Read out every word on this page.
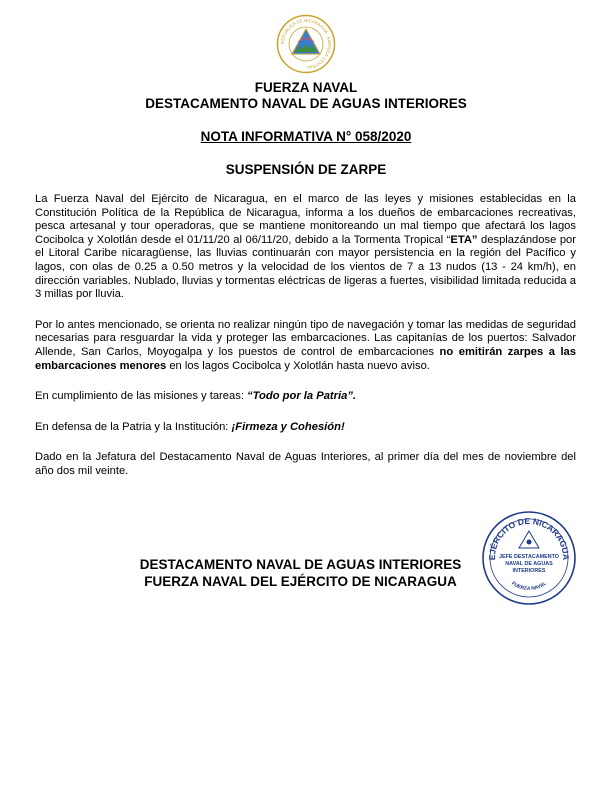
REPÚBLICA DE NICARAGUA · AMÉRICA CENTRAL ·
FUERZA NAVAL
DESTACAMENTO NAVAL DE AGUAS INTERIORES
NOTA INFORMATIVA N° 058/2020
SUSPENSIÓN DE ZARPE

La Fuerza Naval del Ejército de Nicaragua, en el marco de las leyes y misiones establecidas en la Constitución Política de la República de Nicaragua, informa a los dueños de embarcaciones recreativas, pesca artesanal y tour operadoras, que se mantiene monitoreando un mal tiempo que afectará los lagos Cocibolca y Xolotlán desde el 01/11/20 al 06/11/20, debido a la Tormenta Tropical “ETA” desplazándose por el Litoral Caribe nicaragüense, las lluvias continuarán con mayor persistencia en la región del Pacífico y lagos, con olas de 0.25 a 0.50 metros y la velocidad de los vientos de 7 a 13 nudos (13 - 24 km/h), en dirección variables. Nublado, lluvias y tormentas eléctricas de ligeras a fuertes, visibilidad limitada reducida a 3 millas por lluvia.

Por lo antes mencionado, se orienta no realizar ningún tipo de navegación y tomar las medidas de seguridad necesarias para resguardar la vida y proteger las embarcaciones. Las capitanías de los puertos: Salvador Allende, San Carlos, Moyogalpa y los puestos de control de embarcaciones no emitirán zarpes a las embarcaciones menores en los lagos Cocibolca y Xolotlán hasta nuevo aviso.

En cumplimiento de las misiones y tareas: “Todo por la Patria”.

En defensa de la Patria y la Institución: ¡Firmeza y Cohesión!

Dado en la Jefatura del Destacamento Naval de Aguas Interiores, al primer día del mes de noviembre del año dos mil veinte.

DESTACAMENTO NAVAL DE AGUAS INTERIORES
FUERZA NAVAL DEL EJÉRCITO DE NICARAGUA
EJÉRCITO DE NICARAGUA
FUERZA NAVAL
JEFE DESTACAMENTO
NAVAL DE AGUAS
INTERIORES
